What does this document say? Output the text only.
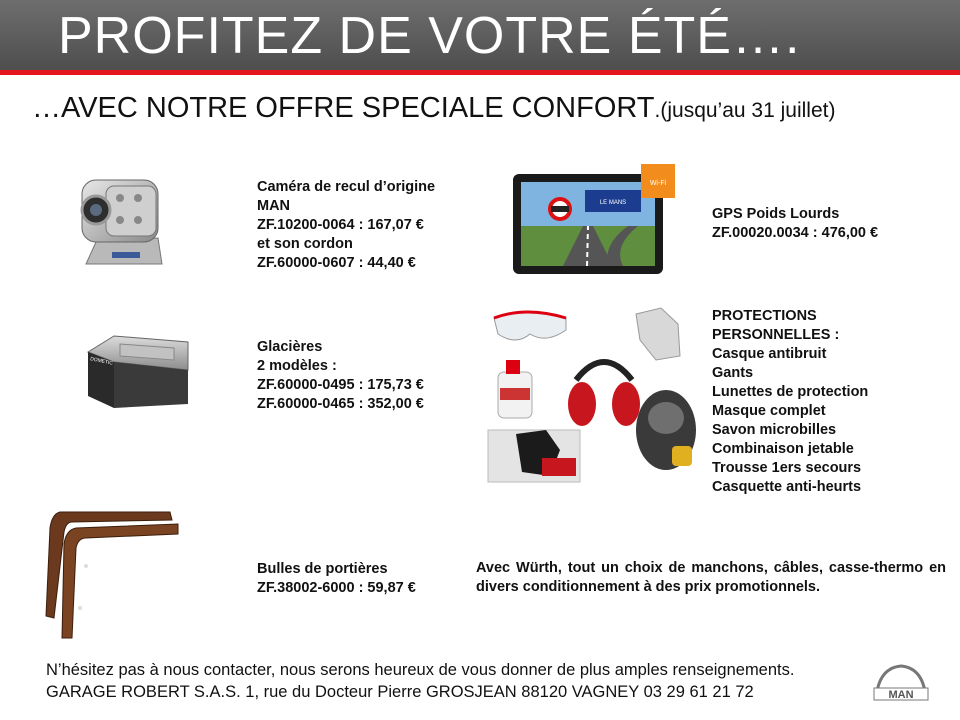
PROFITEZ DE VOTRE ÉTÉ….
…AVEC NOTRE OFFRE SPECIALE CONFORT.(jusqu’au 31 juillet)
Caméra de recul d’origine
MAN
ZF.10200-0064 : 167,07 €
et son cordon
ZF.60000-0607 : 44,40 €
LE MANS
Wi-Fi
GPS Poids Lourds
ZF.00020.0034 : 476,00 €
DOMETIC
Glacières
2 modèles :
ZF.60000-0495 : 175,73 €
ZF.60000-0465 : 352,00 €
PROTECTIONS
PERSONNELLES :
Casque antibruit
Gants
Lunettes de protection
Masque complet
Savon microbilles
Combinaison jetable
Trousse 1ers secours
Casquette anti-heurts
Bulles de portières
ZF.38002-6000 : 59,87 €
Avec Würth, tout un choix de manchons, câbles, casse-thermo en divers conditionnement à des prix promotionnels.
N’hésitez pas à nous contacter, nous serons heureux de vous donner de plus amples renseignements.
GARAGE ROBERT S.A.S. 1, rue du Docteur Pierre GROSJEAN 88120 VAGNEY 03 29 61 21 72	MAN
